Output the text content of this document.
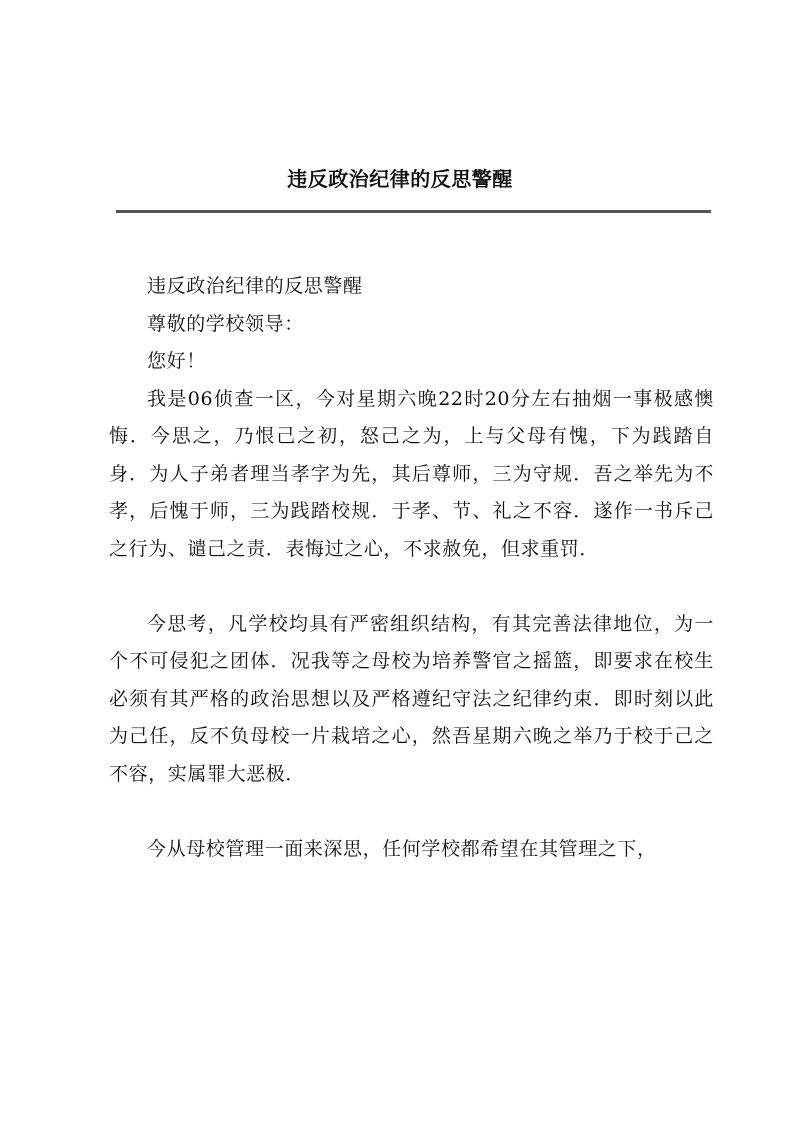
违反政治纪律的反思警醒

违反政治纪律的反思警醒

尊敬的学校领导：

您好！

我是06侦查一区，今对星期六晚22时20分左右抽烟一事极感懊悔．今思之，乃恨己之初，怒己之为，上与父母有愧，下为践踏自身．为人子弟者理当孝字为先，其后尊师，三为守规．吾之举先为不孝，后愧于师，三为践踏校规．于孝、节、礼之不容．遂作一书斥己之行为、谴己之责．表悔过之心，不求赦免，但求重罚．

今思考，凡学校均具有严密组织结构，有其完善法律地位，为一个不可侵犯之团体．况我等之母校为培养警官之摇篮，即要求在校生必须有其严格的政治思想以及严格遵纪守法之纪律约束．即时刻以此为己任，反不负母校一片栽培之心，然吾星期六晚之举乃于校于己之不容，实属罪大恶极．

今从母校管理一面来深思，任何学校都希望在其管理之下，
